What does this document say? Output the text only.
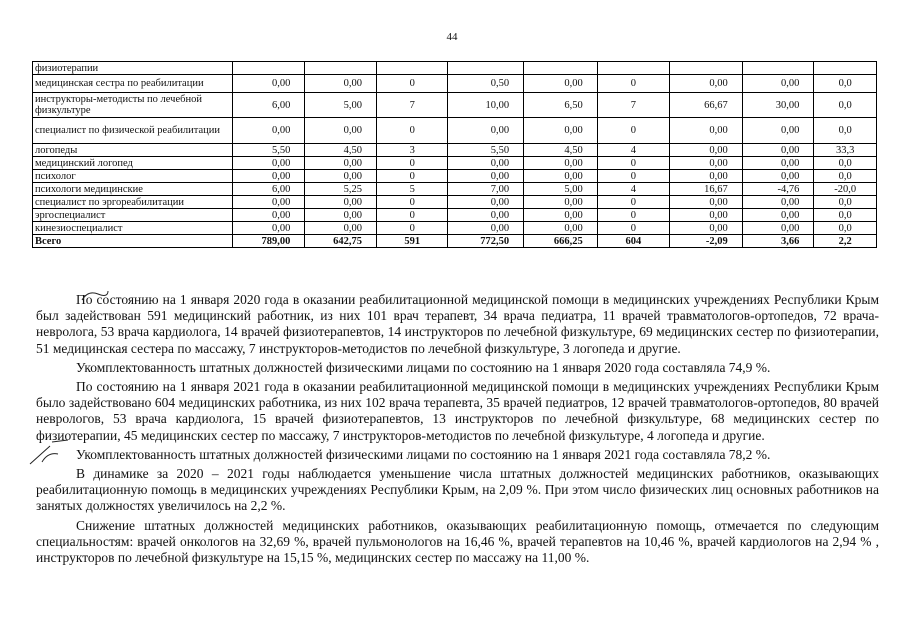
44
физиотерапии									
медицинская сестра по реабилитации	0,00	0,00	0	0,50	0,00	0	0,00	0,00	0,0
инструкторы-методисты по лечебной физкультуре	6,00	5,00	7	10,00	6,50	7	66,67	30,00	0,0
специалист по физической реабилитации	0,00	0,00	0	0,00	0,00	0	0,00	0,00	0,0
логопеды	5,50	4,50	3	5,50	4,50	4	0,00	0,00	33,3
медицинский логопед	0,00	0,00	0	0,00	0,00	0	0,00	0,00	0,0
психолог	0,00	0,00	0	0,00	0,00	0	0,00	0,00	0,0
психологи медицинские	6,00	5,25	5	7,00	5,00	4	16,67	-4,76	-20,0
специалист по эргореабилитации	0,00	0,00	0	0,00	0,00	0	0,00	0,00	0,0
эргоспециалист	0,00	0,00	0	0,00	0,00	0	0,00	0,00	0,0
кинезиоспециалист	0,00	0,00	0	0,00	0,00	0	0,00	0,00	0,0
Всего	789,00	642,75	591	772,50	666,25	604	-2,09	3,66	2,2

По состоянию на 1 января 2020 года в оказании реабилитационной медицинской помощи в медицинских учреждениях Республики Крым был задействован 591 медицинский работник, из них 101 врач терапевт, 34 врача педиатра, 11 врачей травматологов-ортопедов, 72 врача-невролога, 53 врача кардиолога, 14 врачей физиотерапевтов, 14 инструкторов по лечебной физкультуре, 69 медицинских сестер по физиотерапии, 51 медицинская сестера по массажу, 7 инструкторов-методистов по лечебной физкультуре, 3 логопеда и другие.

Укомплектованность штатных должностей физическими лицами по состоянию на 1 января 2020 года составляла 74,9 %.

По состоянию на 1 января 2021 года в оказании реабилитационной медицинской помощи в медицинских учреждениях Республики Крым было задействовано 604 медицинских работника, из них 102 врача терапевта, 35 врачей педиатров, 12 врачей травматологов-ортопедов, 80 врачей неврологов, 53 врача кардиолога, 15 врачей физиотерапевтов, 13 инструкторов по лечебной физкультуре, 68 медицинских сестер по физиотерапии, 45 медицинских сестер по массажу, 7 инструкторов-методистов по лечебной физкультуре, 4 логопеда и другие.

Укомплектованность штатных должностей физическими лицами по состоянию на 1 января 2021 года составляла 78,2 %.

В динамике за 2020 – 2021 годы наблюдается уменьшение числа штатных должностей медицинских работников, оказывающих реабилитационную помощь в медицинских учреждениях Республики Крым, на 2,09 %. При этом число физических лиц основных работников на занятых должностях увеличилось на 2,2 %.

Снижение штатных должностей медицинских работников, оказывающих реабилитационную помощь, отмечается по следующим специальностям: врачей онкологов на 32,69 %, врачей пульмонологов на 16,46 %, врачей терапевтов на 10,46 %, врачей кардиологов на 2,94 % , инструкторов по лечебной физкультуре на 15,15 %, медицинских сестер по массажу на 11,00 %.
